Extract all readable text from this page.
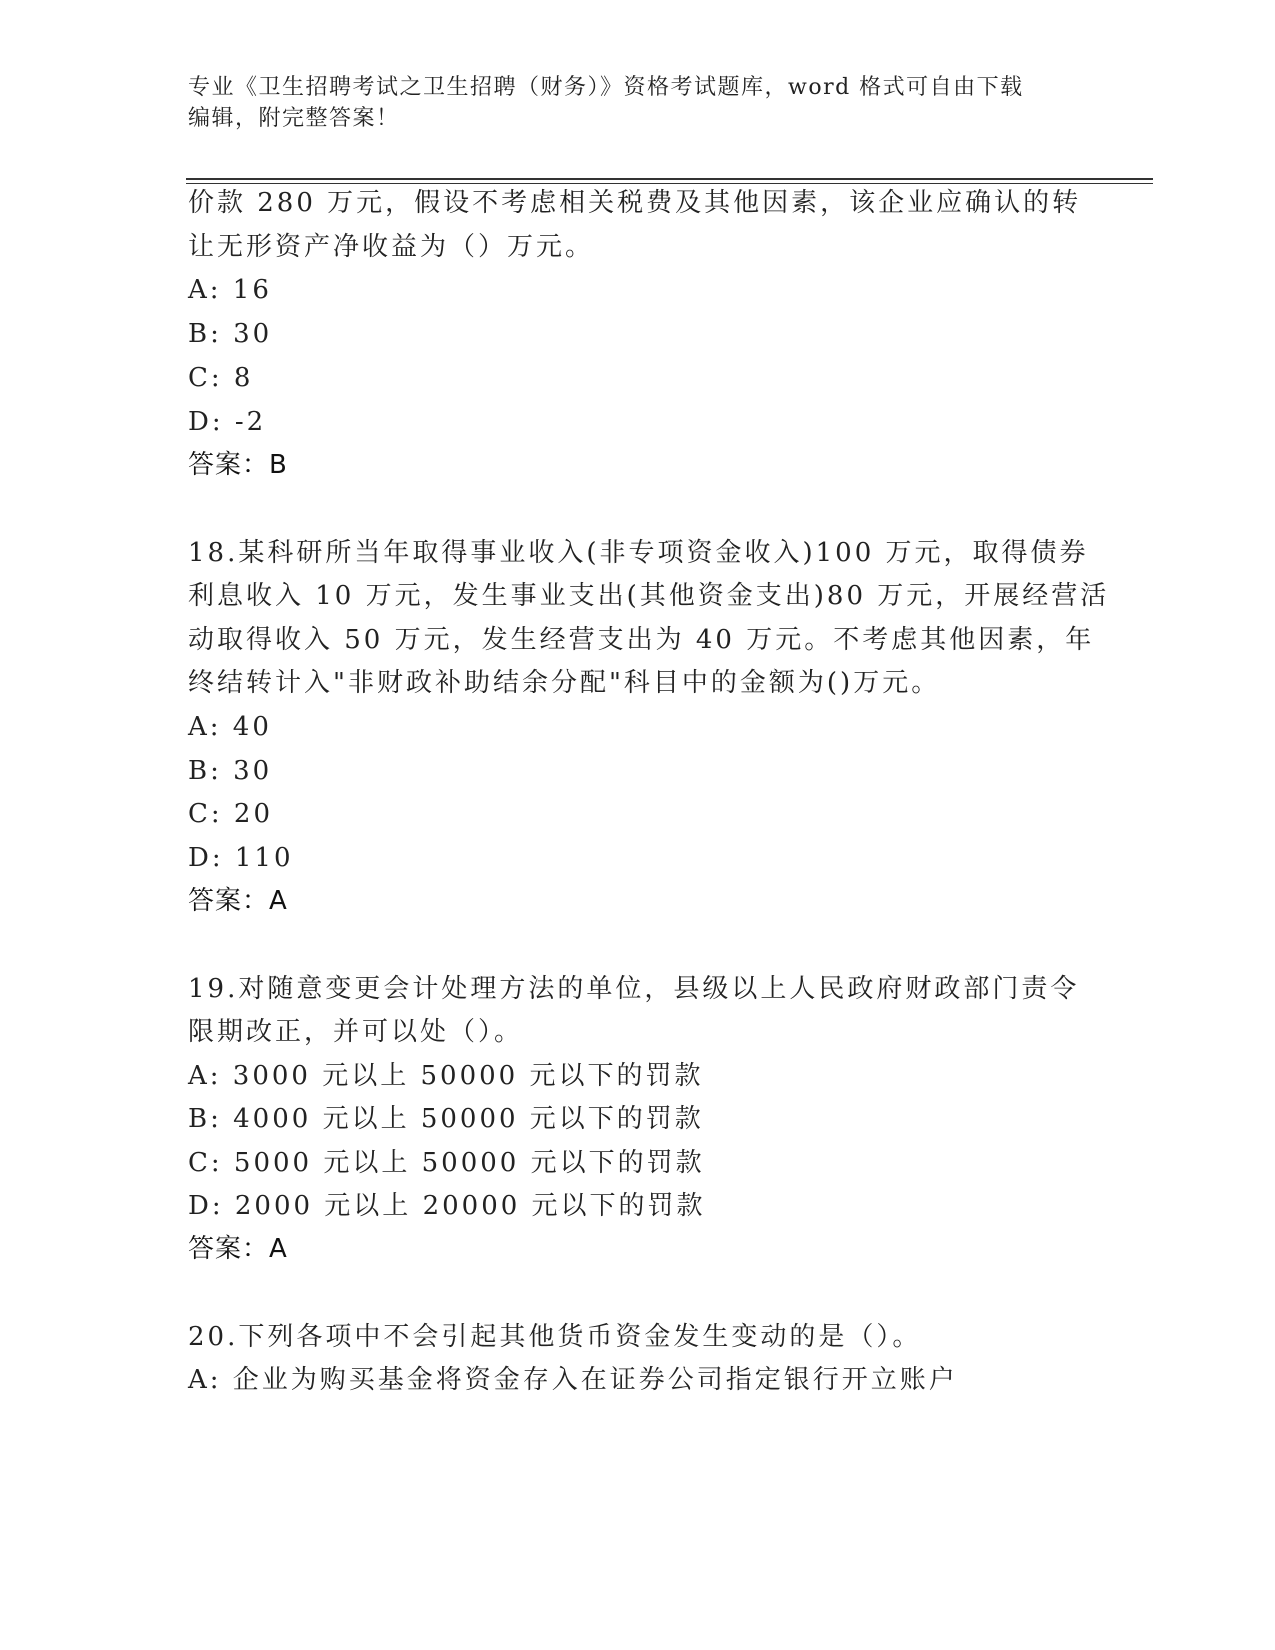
专业《卫生招聘考试之卫生招聘（财务）》资格考试题库，word 格式可自由下载
编辑，附完整答案！
价款 280 万元，假设不考虑相关税费及其他因素，该企业应确认的转
让无形资产净收益为（）万元。
A: 16
B: 30
C: 8
D: -2
答案：B
18.某科研所当年取得事业收入(非专项资金收入)100 万元，取得债券
利息收入 10 万元，发生事业支出(其他资金支出)80 万元，开展经营活
动取得收入 50 万元，发生经营支出为 40 万元。不考虑其他因素，年
终结转计入"非财政补助结余分配"科目中的金额为()万元。
A: 40
B: 30
C: 20
D: 110
答案：A
19.对随意变更会计处理方法的单位，县级以上人民政府财政部门责令
限期改正，并可以处（）。
A: 3000 元以上 50000 元以下的罚款
B: 4000 元以上 50000 元以下的罚款
C: 5000 元以上 50000 元以下的罚款
D: 2000 元以上 20000 元以下的罚款
答案：A
20.下列各项中不会引起其他货币资金发生变动的是（）。
A: 企业为购买基金将资金存入在证券公司指定银行开立账户
